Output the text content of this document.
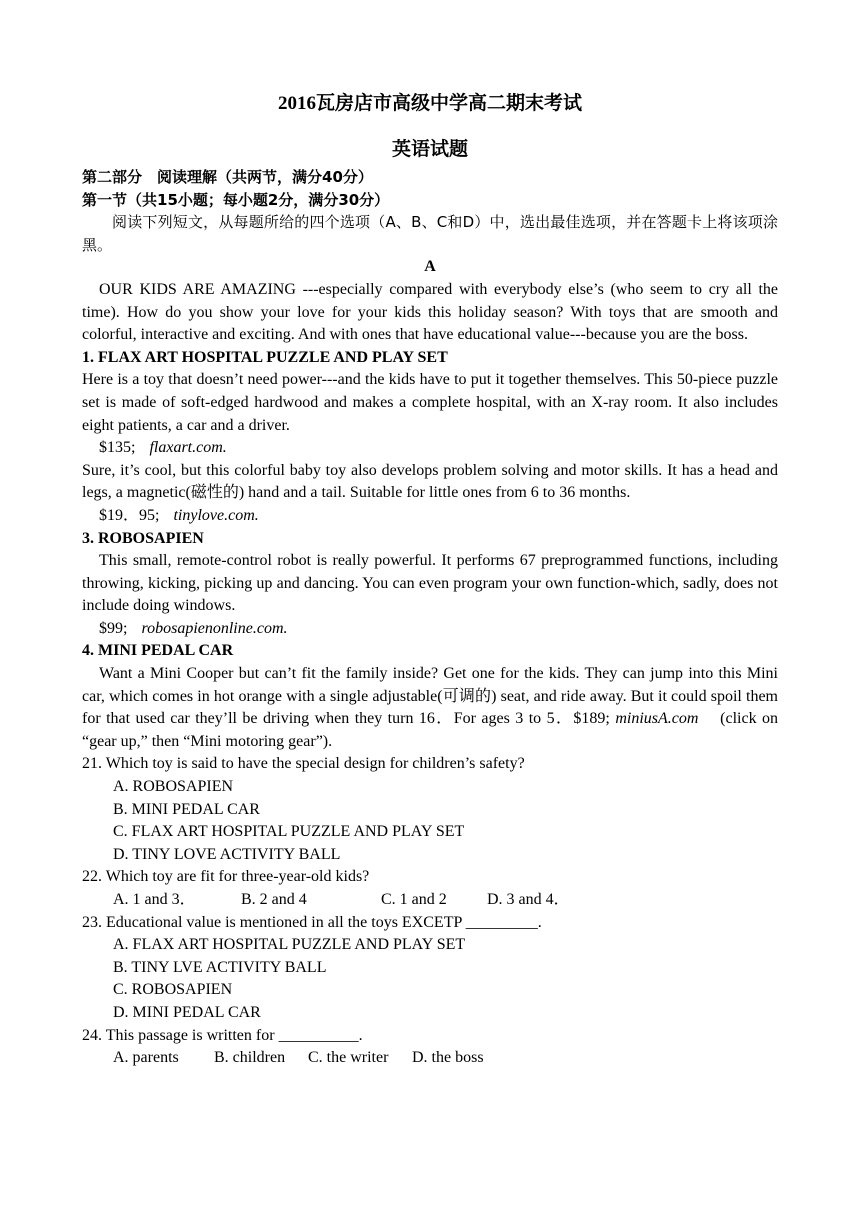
2016瓦房店市高级中学高二期末考试
英语试题

第二部分　阅读理解（共两节，满分40分）

第一节（共15小题；每小题2分，满分30分）

阅读下列短文，从每题所给的四个选项（A、B、C和D）中，选出最佳选项，并在答题卡上将该项涂黑。

A

OUR KIDS ARE AMAZING ---especially compared with everybody else’s (who seem to cry all the time). How do you show your love for your kids this holiday season? With toys that are smooth and colorful, interactive and exciting. And with ones that have educational value---because you are the boss.

1. FLAX ART HOSPITAL PUZZLE AND PLAY SET

Here is a toy that doesn’t need power---and the kids have to put it together themselves. This 50-piece puzzle set is made of soft-edged hardwood and makes a complete hospital, with an X-ray room. It also includes eight patients, a car and a driver.

$135; flaxart.com.

Sure, it’s cool, but this colorful baby toy also develops problem solving and motor skills. It has a head and legs, a magnetic(磁性的) hand and a tail. Suitable for little ones from 6 to 36 months.

$19．95; tinylove.com.

3. ROBOSAPIEN

This small, remote-control robot is really powerful. It performs 67 preprogrammed functions, including throwing, kicking, picking up and dancing. You can even program your own function-which, sadly, does not include doing windows.

$99; robosapienonline.com.

4. MINI PEDAL CAR

Want a Mini Cooper but can’t fit the family inside? Get one for the kids. They can jump into this Mini car, which comes in hot orange with a single adjustable(可调的) seat, and ride away. But it could spoil them for that used car they’ll be driving when they turn 16．For ages 3 to 5．$189; miniusA.com (click on “gear up,” then “Mini motoring gear”).

21. Which toy is said to have the special design for children’s safety?

A. ROBOSAPIEN

B. MINI PEDAL CAR

C. FLAX ART HOSPITAL PUZZLE AND PLAY SET

D. TINY LOVE ACTIVITY BALL

22. Which toy are fit for three-year-old kids?

A. 1 and 3．	B. 2 and 4	C. 1 and 2	D. 3 and 4．

23. Educational value is mentioned in all the toys EXCETP _________.

A. FLAX ART HOSPITAL PUZZLE AND PLAY SET

B. TINY LVE ACTIVITY BALL

C. ROBOSAPIEN

D. MINI PEDAL CAR

24. This passage is written for __________.

A. parents B. children C. the writer D. the boss
